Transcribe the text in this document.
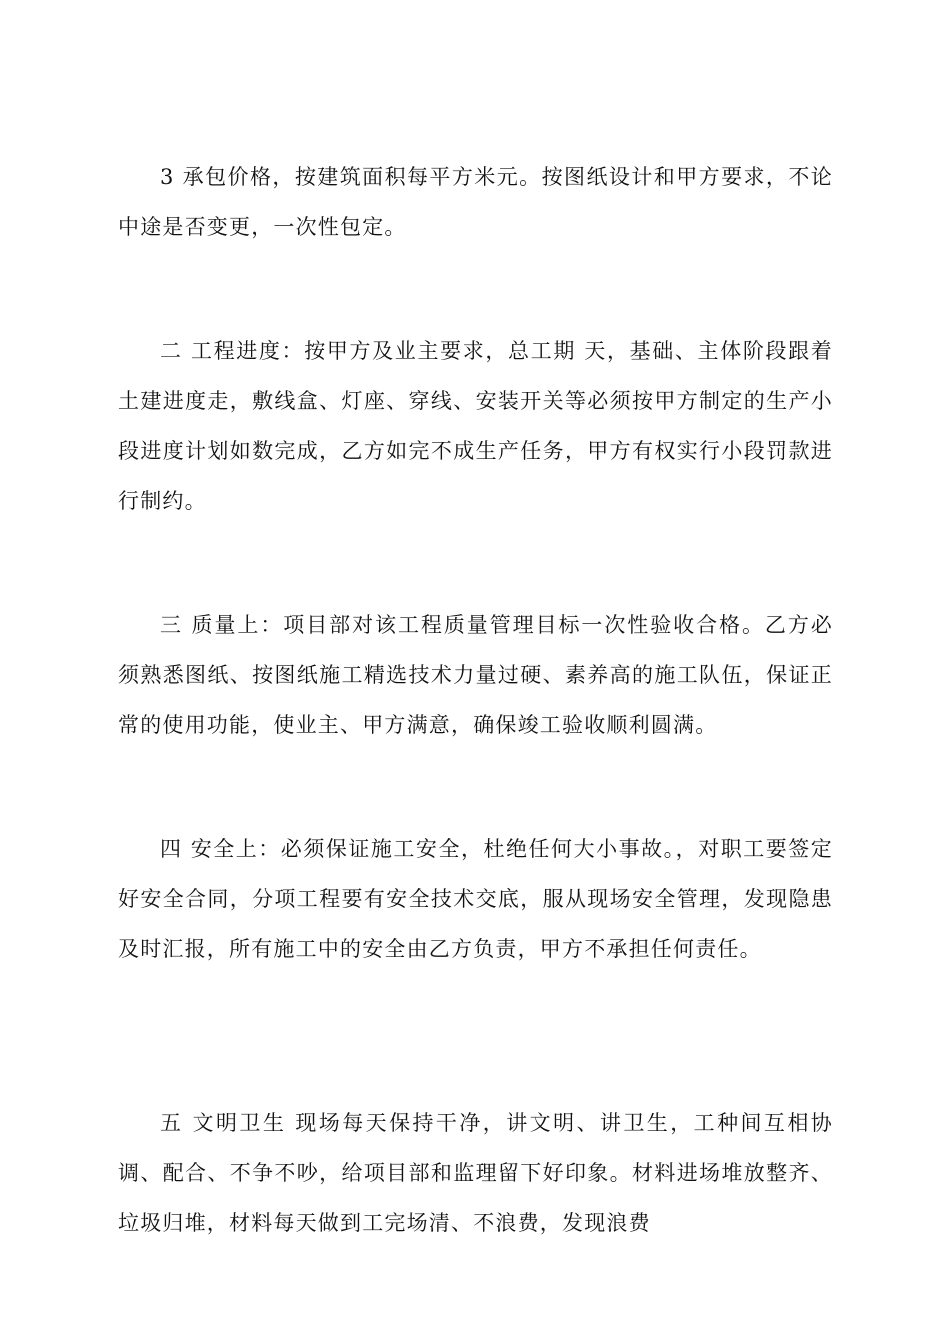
3 承包价格，按建筑面积每平方米元。按图纸设计和甲方要求，不论中途是否变更，一次性包定。

二 工程进度：按甲方及业主要求，总工期 天，基础、主体阶段跟着土建进度走，敷线盒、灯座、穿线、安装开关等必须按甲方制定的生产小段进度计划如数完成，乙方如完不成生产任务，甲方有权实行小段罚款进行制约。

三 质量上：项目部对该工程质量管理目标一次性验收合格。乙方必须熟悉图纸、按图纸施工精选技术力量过硬、素养高的施工队伍，保证正常的使用功能，使业主、甲方满意，确保竣工验收顺利圆满。

四 安全上：必须保证施工安全，杜绝任何大小事故。，对职工要签定好安全合同，分项工程要有安全技术交底，服从现场安全管理，发现隐患及时汇报，所有施工中的安全由乙方负责，甲方不承担任何责任。

五 文明卫生 现场每天保持干净，讲文明、讲卫生，工种间互相协调、配合、不争不吵，给项目部和监理留下好印象。材料进场堆放整齐、垃圾归堆，材料每天做到工完场清、不浪费，发现浪费
